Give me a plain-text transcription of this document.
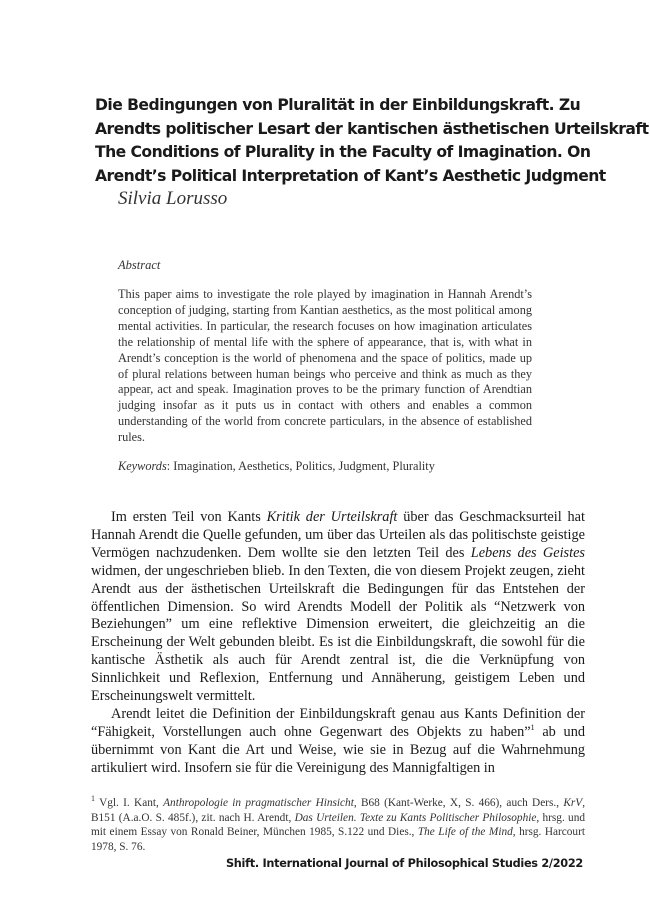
Die Bedingungen von Pluralität in der Einbildungskraft. Zu
Arendts politischer Lesart der kantischen ästhetischen Urteilskraft
The Conditions of Plurality in the Faculty of Imagination. On
Arendt’s Political Interpretation of Kant’s Aesthetic Judgment
Silvia Lorusso
Abstract
This paper aims to investigate the role played by imagination in Hannah Arendt’s conception of judging, starting from Kantian aesthetics, as the most political among mental activities. In particular, the research focuses on how imagination articulates the relationship of mental life with the sphere of appearance, that is, with what in Arendt’s conception is the world of phenomena and the space of politics, made up of plural relations between human beings who perceive and think as much as they appear, act and speak. Imagination proves to be the primary function of Arendtian judging insofar as it puts us in contact with others and enables a common understanding of the world from concrete particulars, in the absence of established rules.
Keywords: Imagination, Aesthetics, Politics, Judgment, Plurality

Im ersten Teil von Kants Kritik der Urteilskraft über das Geschmacksurteil hat Hannah Arendt die Quelle gefunden, um über das Urteilen als das politischste geistige Vermögen nachzudenken. Dem wollte sie den letzten Teil des Lebens des Geistes widmen, der ungeschrieben blieb. In den Texten, die von diesem Projekt zeugen, zieht Arendt aus der ästhetischen Urteilskraft die Bedingungen für das Entstehen der öffentlichen Dimension. So wird Arendts Modell der Politik als “Netzwerk von Beziehungen” um eine reflektive Dimension erweitert, die gleichzeitig an die Erscheinung der Welt gebunden bleibt. Es ist die Einbildungskraft, die sowohl für die kantische Ästhetik als auch für Arendt zentral ist, die die Verknüpfung von Sinnlichkeit und Reflexion, Entfernung und Annäherung, geistigem Leben und Erscheinungswelt vermittelt.

Arendt leitet die Definition der Einbildungskraft genau aus Kants Definition der “Fähigkeit, Vorstellungen auch ohne Gegenwart des Objekts zu haben”$^1$ ab und übernimmt von Kant die Art und Weise, wie sie in Bezug auf die Wahrnehmung artikuliert wird. Insofern sie für die Vereinigung des Mannigfaltigen in

$^1$ Vgl. I. Kant, Anthropologie in pragmatischer Hinsicht, B68 (Kant-Werke, X, S. 466), auch Ders., KrV, B151 (A.a.O. S. 485f.), zit. nach H. Arendt, Das Urteilen. Texte zu Kants Politischer Philosophie, hrsg. und mit einem Essay von Ronald Beiner, München 1985, S.122 und Dies., The Life of the Mind, hrsg. Harcourt 1978, S. 76.
Shift. International Journal of Philosophical Studies 2/2022
